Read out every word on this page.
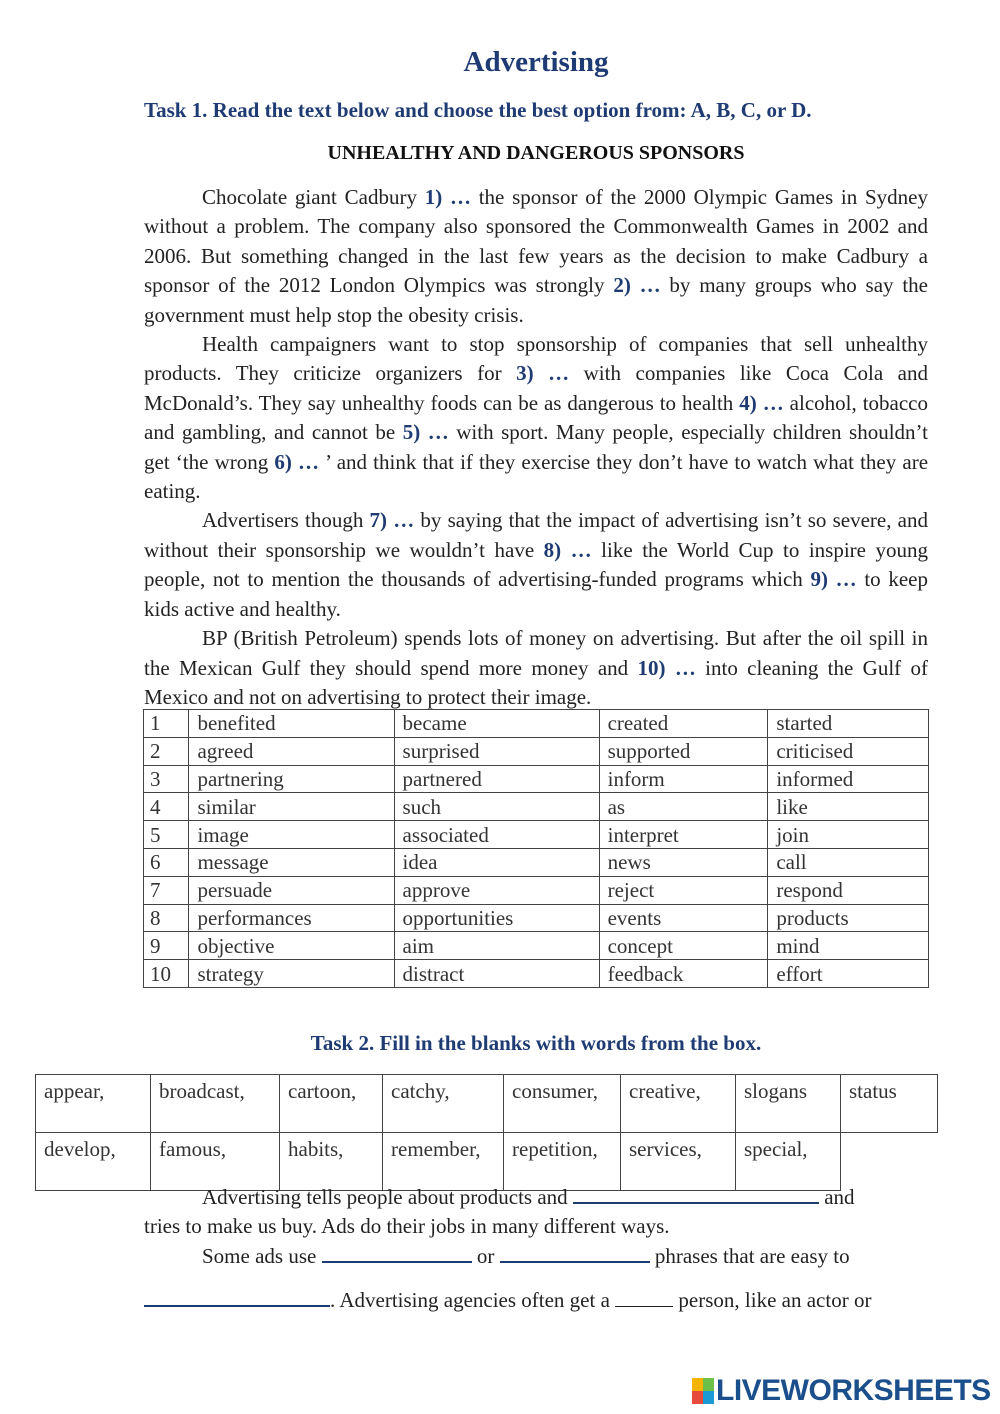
Advertising
Task 1. Read the text below and choose the best option from: A, B, C, or D.
UNHEALTHY AND DANGEROUS SPONSORS

Chocolate giant Cadbury 1) … the sponsor of the 2000 Olympic Games in Sydney without a problem. The company also sponsored the Commonwealth Games in 2002 and 2006. But something changed in the last few years as the decision to make Cadbury a sponsor of the 2012 London Olympics was strongly 2) … by many groups who say the government must help stop the obesity crisis.

Health campaigners want to stop sponsorship of companies that sell unhealthy products. They criticize organizers for 3) … with companies like Coca Cola and McDonald’s. They say unhealthy foods can be as dangerous to health 4) … alcohol, tobacco and gambling, and cannot be 5) … with sport. Many people, especially children shouldn’t get ‘the wrong 6) … ’ and think that if they exercise they don’t have to watch what they are eating.

Advertisers though 7) … by saying that the impact of advertising isn’t so severe, and without their sponsorship we wouldn’t have 8) … like the World Cup to inspire young people, not to mention the thousands of advertising-funded programs which 9) … to keep kids active and healthy.

BP (British Petroleum) spends lots of money on advertising. But after the oil spill in the Mexican Gulf they should spend more money and 10) … into cleaning the Gulf of Mexico and not on advertising to protect their image.

1	benefited	became	created	started
2	agreed	surprised	supported	criticised
3	partnering	partnered	inform	informed
4	similar	such	as	like
5	image	associated	interpret	join
6	message	idea	news	call
7	persuade	approve	reject	respond
8	performances	opportunities	events	products
9	objective	aim	concept	mind
10	strategy	distract	feedback	effort
Task 2. Fill in the blanks with words from the box.
appear,	broadcast,	cartoon,	catchy,	consumer,	creative,	slogans	status
develop,	famous,	habits,	remember,	repetition,	services,	special,	
Advertising tells people about products and	and
tries to make us buy. Ads do their jobs in many different ways.
Some ads use	or	phrases that are easy to
. Advertising agencies often get a	person, like an actor or
LIVEWORKSHEETS
